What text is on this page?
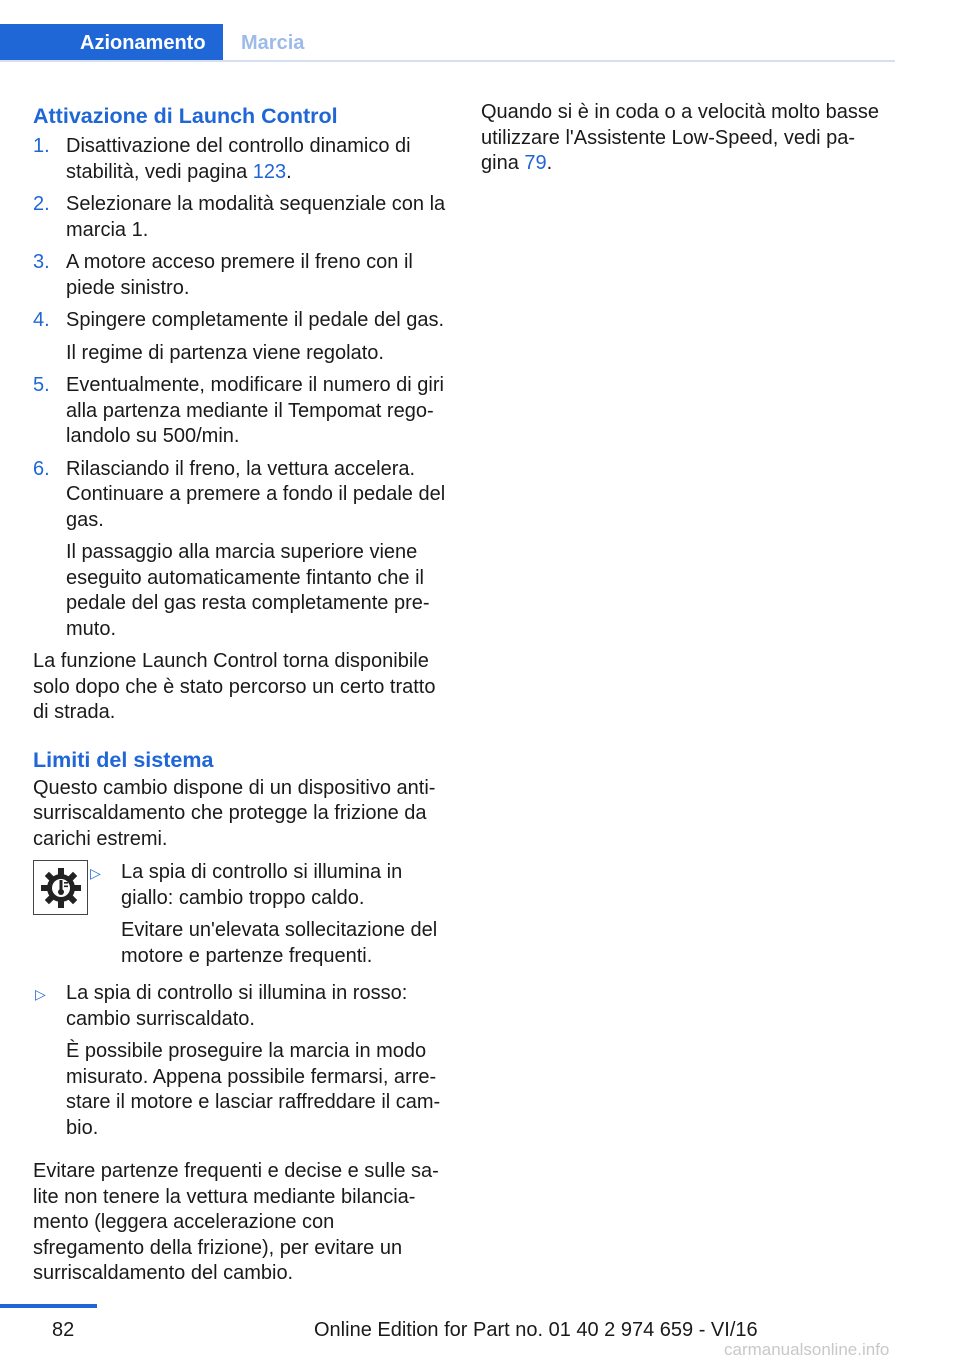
Azionamento	Marcia
Attivazione di Launch Control
1. Disattivazione del controllo dinamico di stabilità, vedi pagina 123.
2. Selezionare la modalità sequenziale con la marcia 1.
3. A motore acceso premere il freno con il piede sinistro.
4. Spingere completamente il pedale del gas.

Il regime di partenza viene regolato.

5. Eventualmente, modificare il numero di giri alla partenza mediante il Tempomat rego-landolo su 500/min.
6. Rilasciando il freno, la vettura accelera. Continuare a premere a fondo il pedale del gas.

Il passaggio alla marcia superiore viene eseguito automaticamente fintanto che il pedale del gas resta completamente pre-muto.

La funzione Launch Control torna disponibile solo dopo che è stato percorso un certo tratto di strada.

Limiti del sistema

Questo cambio dispone di un dispositivo anti-surriscaldamento che protegge la frizione da carichi estremi.

▷ La spia di controllo si illumina in giallo: cambio troppo caldo.

Evitare un'elevata sollecitazione del motore e partenze frequenti.

▷ La spia di controllo si illumina in rosso: cambio surriscaldato.

È possibile proseguire la marcia in modo misurato. Appena possibile fermarsi, arre-stare il motore e lasciar raffreddare il cam-bio.

Evitare partenze frequenti e decise e sulle sa-lite non tenere la vettura mediante bilancia-mento (leggera accelerazione con sfregamento della frizione), per evitare un surriscaldamento del cambio.

Quando si è in coda o a velocità molto basse utilizzare l'Assistente Low-Speed, vedi pa-gina 79.

82	Online Edition for Part no. 01 40 2 974 659 - VI/16
carmanualsonline.info
